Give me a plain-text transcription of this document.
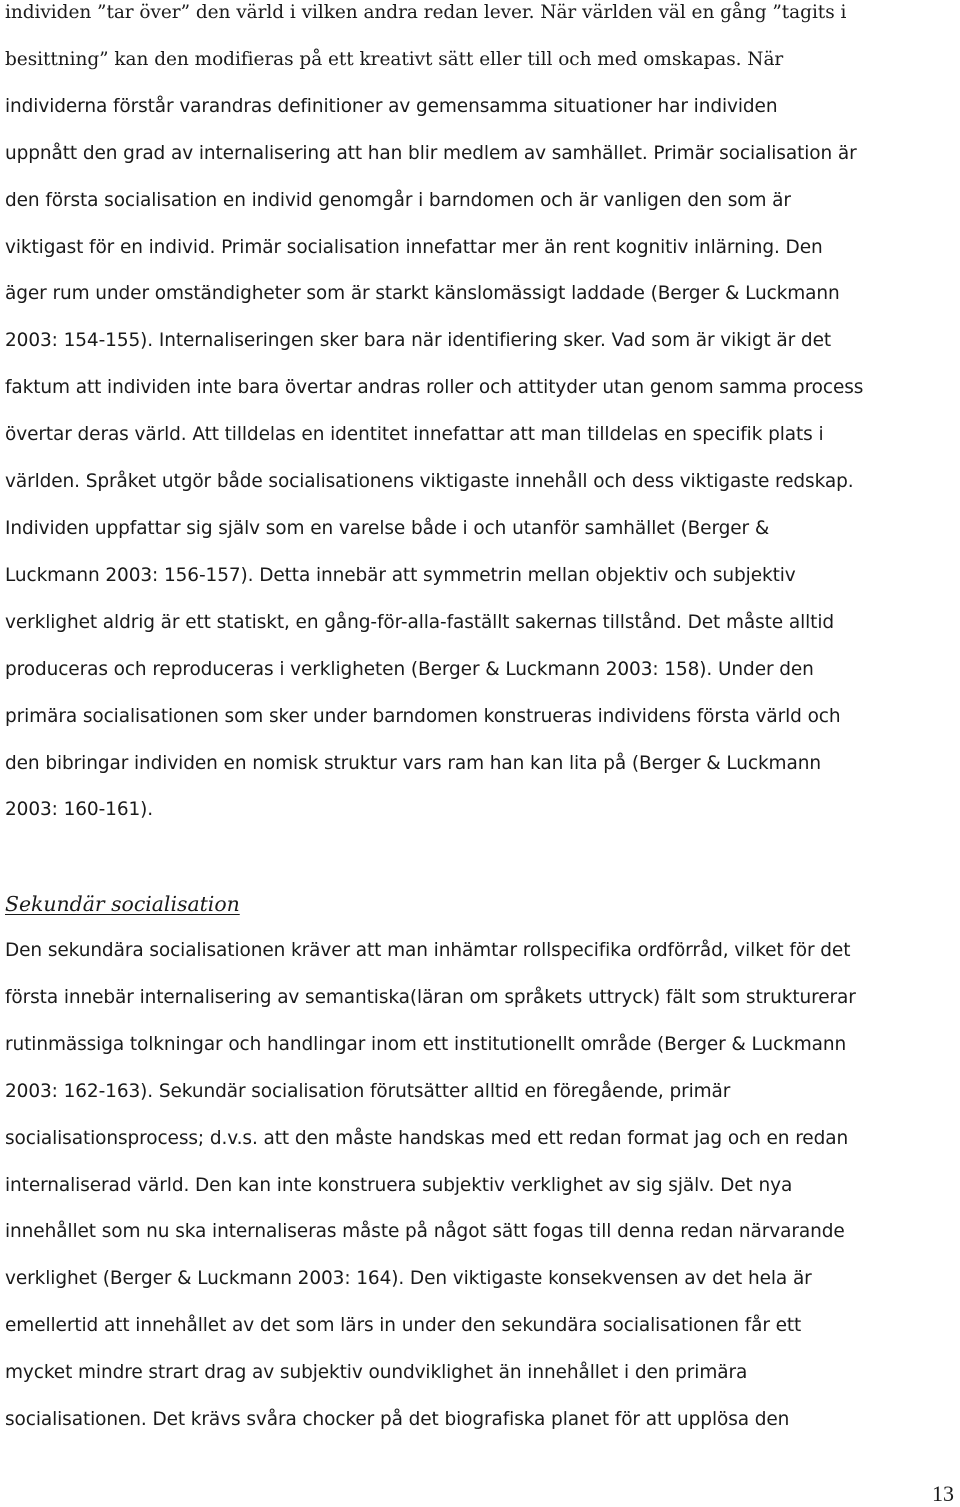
individen ”tar över” den värld i vilken andra redan lever. När världen väl en gång ”tagits i
besittning” kan den modifieras på ett kreativt sätt eller till och med omskapas. När
individerna förstår varandras definitioner av gemensamma situationer har individen
uppnått den grad av internalisering att han blir medlem av samhället. Primär socialisation är
den första socialisation en individ genomgår i barndomen och är vanligen den som är
viktigast för en individ. Primär socialisation innefattar mer än rent kognitiv inlärning. Den
äger rum under omständigheter som är starkt känslomässigt laddade (Berger & Luckmann
2003: 154-155). Internaliseringen sker bara när identifiering sker. Vad som är vikigt är det
faktum att individen inte bara övertar andras roller och attityder utan genom samma process
övertar deras värld. Att tilldelas en identitet innefattar att man tilldelas en specifik plats i
världen. Språket utgör både socialisationens viktigaste innehåll och dess viktigaste redskap.
Individen uppfattar sig själv som en varelse både i och utanför samhället (Berger &
Luckmann 2003: 156-157). Detta innebär att symmetrin mellan objektiv och subjektiv
verklighet aldrig är ett statiskt, en gång-för-alla-faställt sakernas tillstånd. Det måste alltid
produceras och reproduceras i verkligheten (Berger & Luckmann 2003: 158). Under den
primära socialisationen som sker under barndomen konstrueras individens första värld och
den bibringar individen en nomisk struktur vars ram han kan lita på (Berger & Luckmann
2003: 160-161).
Sekundär socialisation
Den sekundära socialisationen kräver att man inhämtar rollspecifika ordförråd, vilket för det
första innebär internalisering av semantiska(läran om språkets uttryck) fält som strukturerar
rutinmässiga tolkningar och handlingar inom ett institutionellt område (Berger & Luckmann
2003: 162-163). Sekundär socialisation förutsätter alltid en föregående, primär
socialisationsprocess; d.v.s. att den måste handskas med ett redan format jag och en redan
internaliserad värld. Den kan inte konstruera subjektiv verklighet av sig själv. Det nya
innehållet som nu ska internaliseras måste på något sätt fogas till denna redan närvarande
verklighet (Berger & Luckmann 2003: 164). Den viktigaste konsekvensen av det hela är
emellertid att innehållet av det som lärs in under den sekundära socialisationen får ett
mycket mindre strart drag av subjektiv oundviklighet än innehållet i den primära
socialisationen. Det krävs svåra chocker på det biografiska planet för att upplösa den
13
